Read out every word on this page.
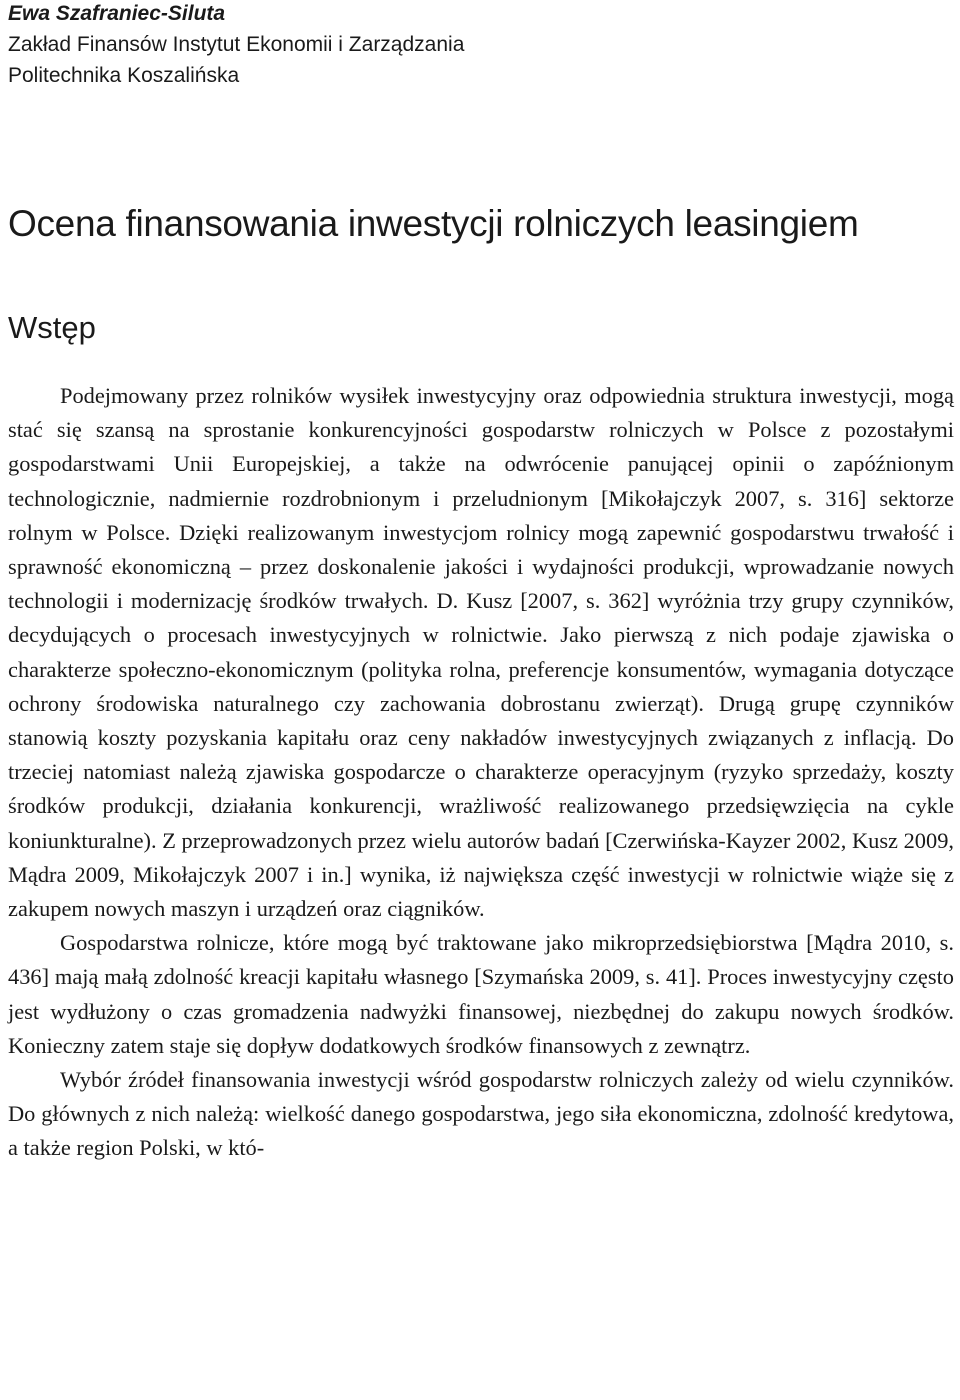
Ewa Szafraniec-Siluta
Zakład Finansów Instytut Ekonomii i Zarządzania
Politechnika Koszalińska
Ocena finansowania inwestycji rolniczych leasingiem
Wstęp

Podejmowany przez rolników wysiłek inwestycyjny oraz odpowiednia struktura inwestycji, mogą stać się szansą na sprostanie konkurencyjności gospodarstw rolniczych w Polsce z pozostałymi gospodarstwami Unii Europejskiej, a także na odwrócenie panującej opinii o zapóźnionym technologicznie, nadmiernie rozdrobnionym i przeludnionym [Mikołajczyk 2007, s. 316] sektorze rolnym w Polsce. Dzięki realizowanym inwestycjom rolnicy mogą zapewnić gospodarstwu trwałość i sprawność ekonomiczną – przez doskonalenie jakości i wydajności produkcji, wprowadzanie nowych technologii i modernizację środków trwałych. D. Kusz [2007, s. 362] wyróżnia trzy grupy czynników, decydujących o procesach inwestycyjnych w rolnictwie. Jako pierwszą z nich podaje zjawiska o charakterze społeczno-ekonomicznym (polityka rolna, preferencje konsumentów, wymagania dotyczące ochrony środowiska naturalnego czy zachowania dobrostanu zwierząt). Drugą grupę czynników stanowią koszty pozyskania kapitału oraz ceny nakładów inwestycyjnych związanych z inflacją. Do trzeciej natomiast należą zjawiska gospodarcze o charakterze operacyjnym (ryzyko sprzedaży, koszty środków produkcji, działania konkurencji, wrażliwość realizowanego przedsięwzięcia na cykle koniunkturalne). Z przeprowadzonych przez wielu autorów badań [Czerwińska-Kayzer 2002, Kusz 2009, Mądra 2009, Mikołajczyk 2007 i in.] wynika, iż największa część inwestycji w rolnictwie wiąże się z zakupem nowych maszyn i urządzeń oraz ciągników.

Gospodarstwa rolnicze, które mogą być traktowane jako mikroprzedsiębiorstwa [Mądra 2010, s. 436] mają małą zdolność kreacji kapitału własnego [Szymańska 2009, s. 41]. Proces inwestycyjny często jest wydłużony o czas gromadzenia nadwyżki finansowej, niezbędnej do zakupu nowych środków. Konieczny zatem staje się dopływ dodatkowych środków finansowych z zewnątrz.

Wybór źródeł finansowania inwestycji wśród gospodarstw rolniczych zależy od wielu czynników. Do głównych z nich należą: wielkość danego gospodarstwa, jego siła ekonomiczna, zdolność kredytowa, a także region Polski, w któ-
